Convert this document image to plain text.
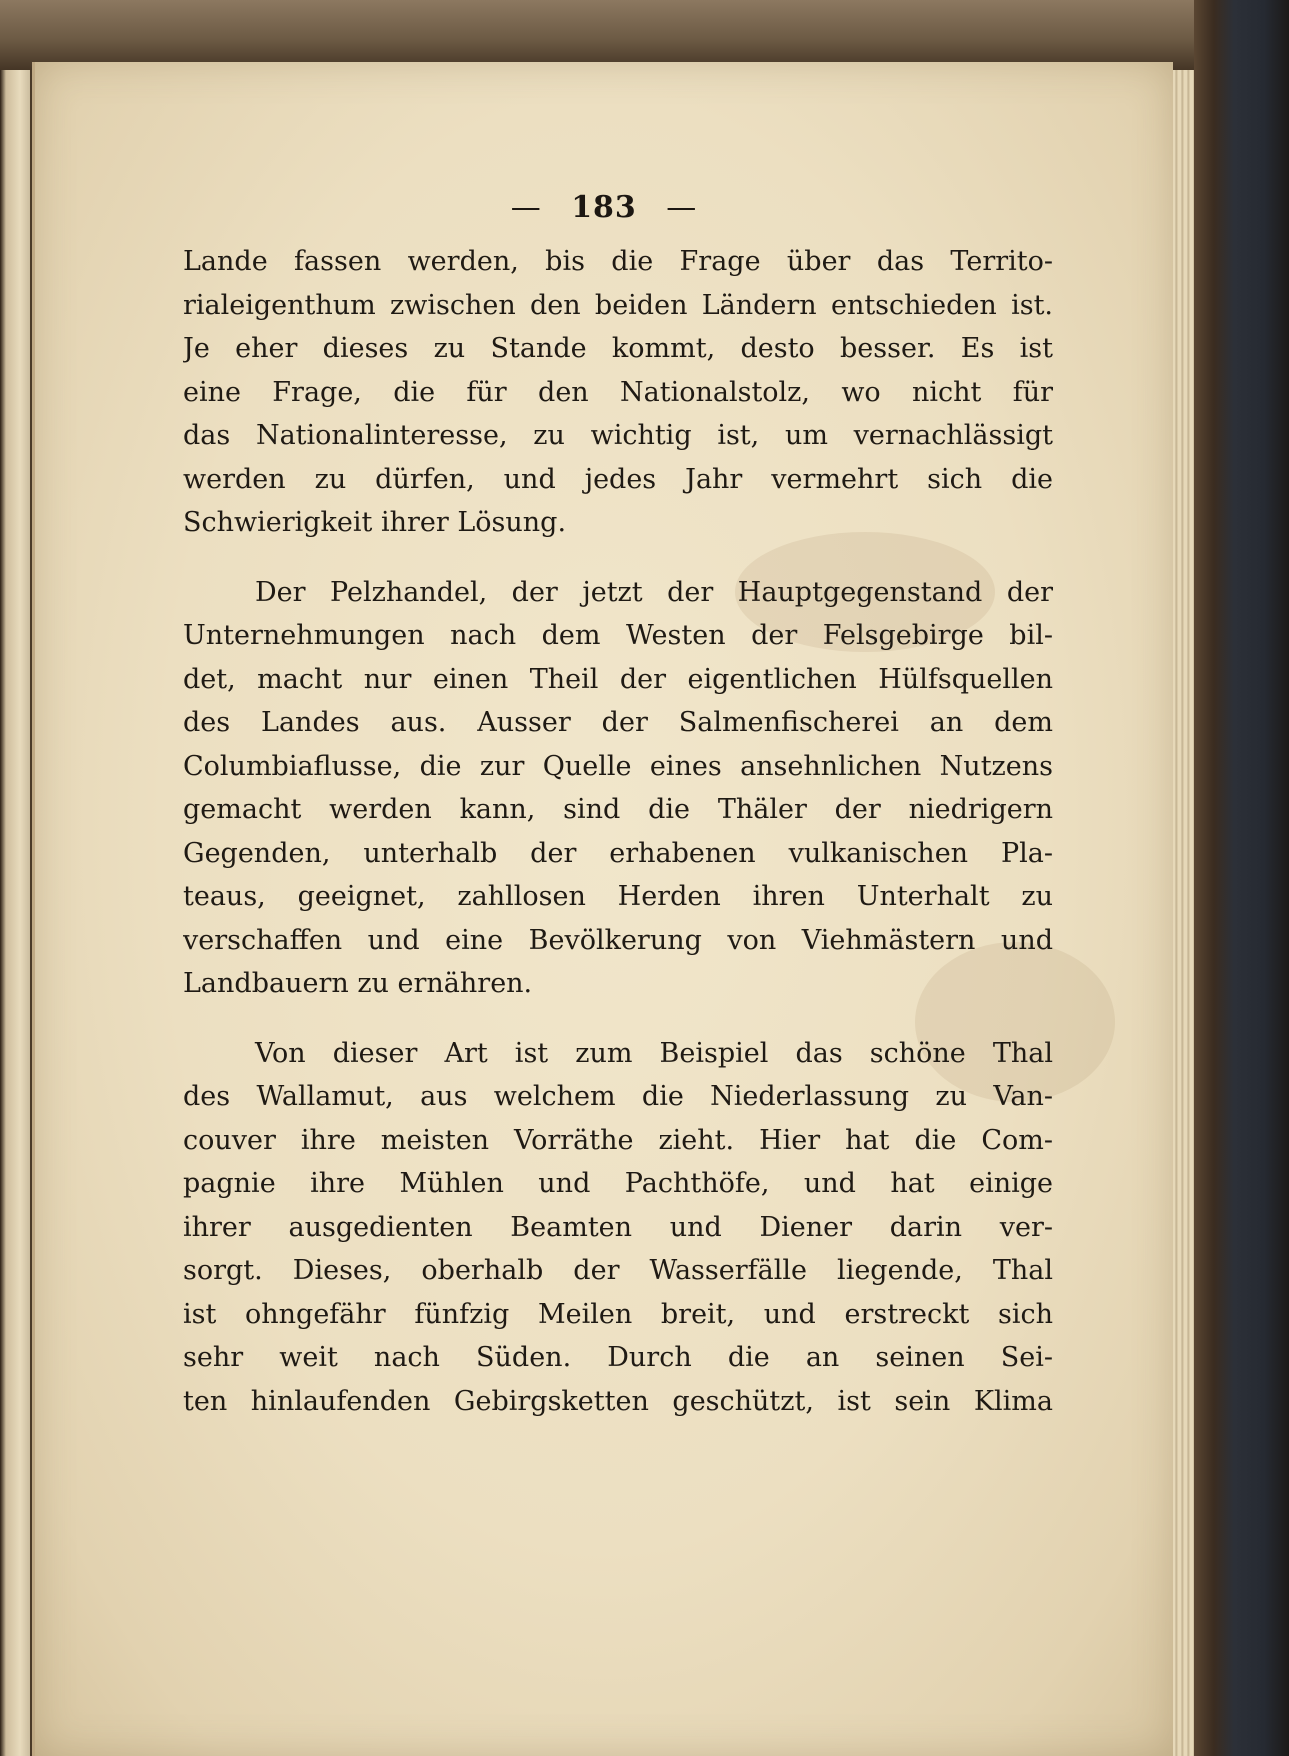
— 183 —
Lande fassen werden, bis die Frage über das Territo-
rialeigenthum zwischen den beiden Ländern entschieden ist.
Je eher dieses zu Stande kommt, desto besser. Es ist
eine Frage, die für den Nationalstolz, wo nicht für
das Nationalinteresse, zu wichtig ist, um vernachlässigt
werden zu dürfen, und jedes Jahr vermehrt sich die
Schwierigkeit ihrer Lösung.
Der Pelzhandel, der jetzt der Hauptgegenstand der
Unternehmungen nach dem Westen der Felsgebirge bil-
det, macht nur einen Theil der eigentlichen Hülfsquellen
des Landes aus. Ausser der Salmenfischerei an dem
Columbiaflusse, die zur Quelle eines ansehnlichen Nutzens
gemacht werden kann, sind die Thäler der niedrigern
Gegenden, unterhalb der erhabenen vulkanischen Pla-
teaus, geeignet, zahllosen Herden ihren Unterhalt zu
verschaffen und eine Bevölkerung von Viehmästern und
Landbauern zu ernähren.
Von dieser Art ist zum Beispiel das schöne Thal
des Wallamut, aus welchem die Niederlassung zu Van-
couver ihre meisten Vorräthe zieht. Hier hat die Com-
pagnie ihre Mühlen und Pachthöfe, und hat einige
ihrer ausgedienten Beamten und Diener darin ver-
sorgt. Dieses, oberhalb der Wasserfälle liegende, Thal
ist ohngefähr fünfzig Meilen breit, und erstreckt sich
sehr weit nach Süden. Durch die an seinen Sei-
ten hinlaufenden Gebirgsketten geschützt, ist sein Klima
